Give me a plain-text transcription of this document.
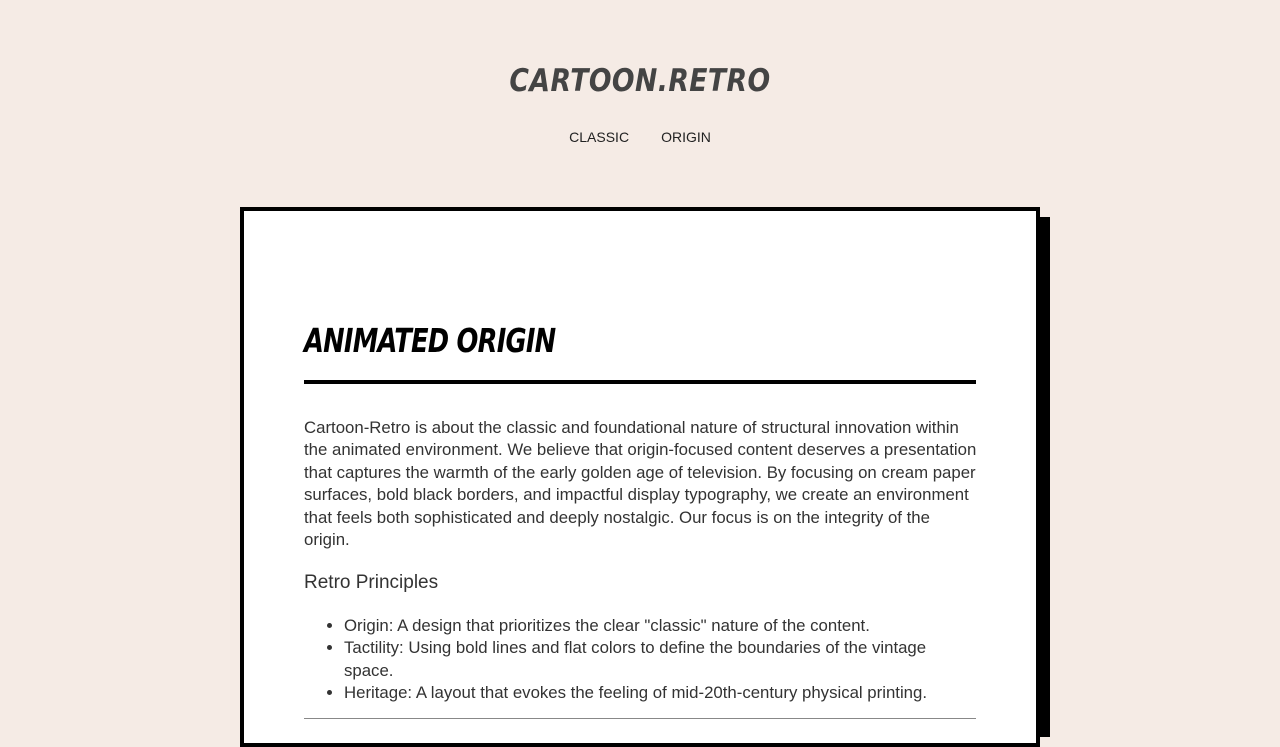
CARTOON.RETRO
CLASSIC ORIGIN
ANIMATED ORIGIN

Cartoon-Retro is about the classic and foundational nature of structural innovation within the animated environment. We believe that origin-focused content deserves a presentation that captures the warmth of the early golden age of television. By focusing on cream paper surfaces, bold black borders, and impactful display typography, we create an environment that feels both sophisticated and deeply nostalgic. Our focus is on the integrity of the origin.

Retro Principles
• Origin: A design that prioritizes the clear "classic" nature of the content.
• Tactility: Using bold lines and flat colors to define the boundaries of the vintage space.
• Heritage: A layout that evokes the feeling of mid-20th-century physical printing.
